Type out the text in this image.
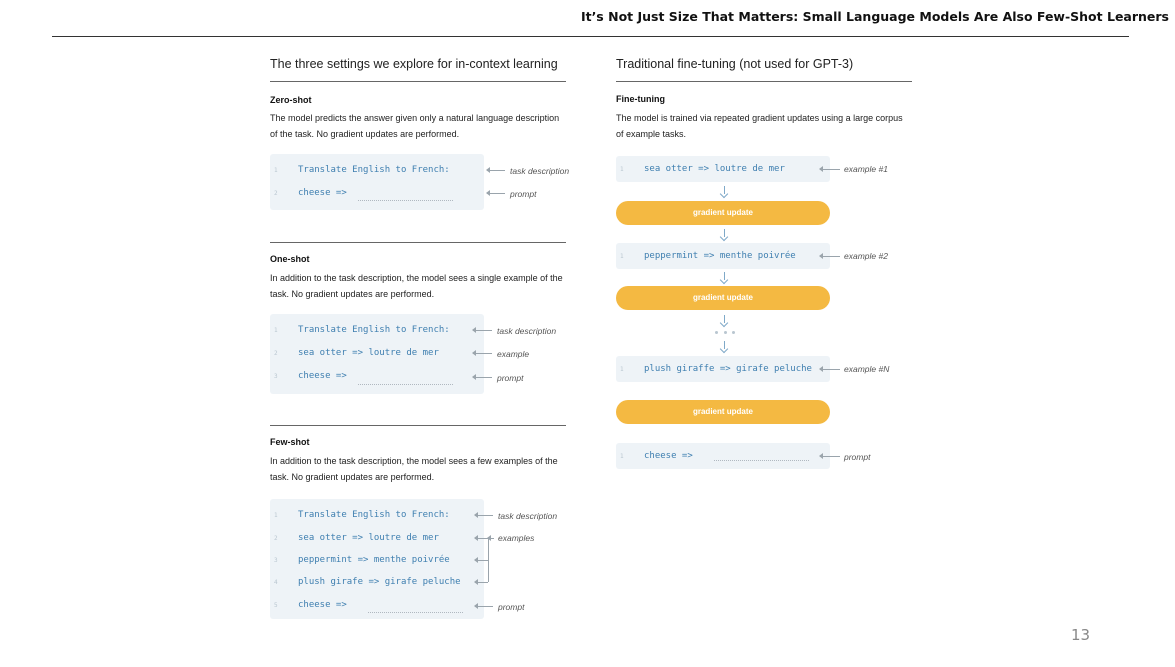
It’s Not Just Size That Matters: Small Language Models Are Also Few-Shot Learners
The three settings we explore for in-context learning
Zero-shot
The model predicts the answer given only a natural language description of the task. No gradient updates are performed.
1 Translate English to French:
2 cheese =>
task description
prompt
One-shot
In addition to the task description, the model sees a single example of the task. No gradient updates are performed.
1 Translate English to French:
2 sea otter => loutre de mer
3 cheese =>
task description
example
prompt
Few-shot
In addition to the task description, the model sees a few examples of the task. No gradient updates are performed.
1 Translate English to French:
2 sea otter => loutre de mer
3 peppermint => menthe poivrée
4 plush girafe => girafe peluche
5 cheese =>
task description
examples
prompt
Traditional fine-tuning (not used for GPT-3)
Fine-tuning
The model is trained via repeated gradient updates using a large corpus of example tasks.
1 sea otter => loutre de mer	example #1
gradient update
1 peppermint => menthe poivrée	example #2
gradient update
1 plush giraffe => girafe peluche	example #N
gradient update
1 cheese =>	prompt
13
